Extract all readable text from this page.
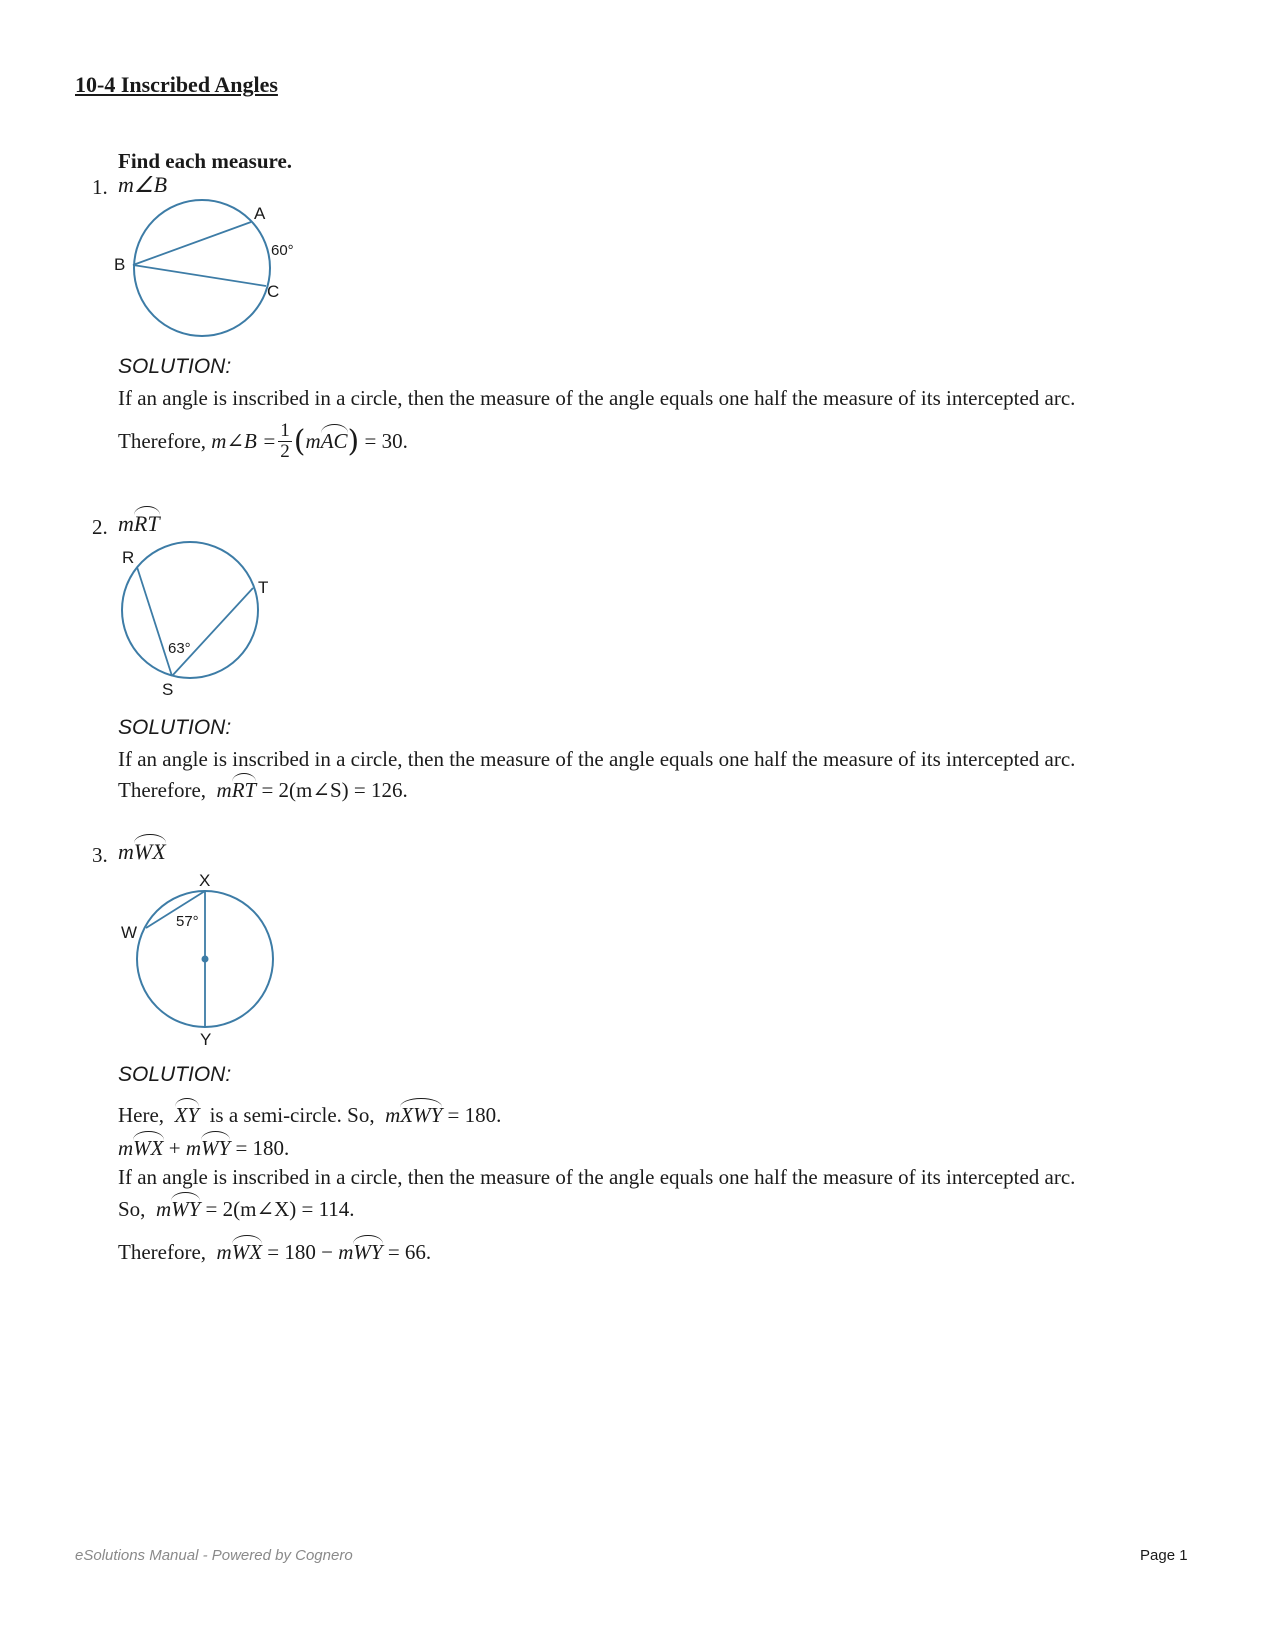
10-4 Inscribed Angles
Find each measure.
1. m∠B
A
B
C
60°
SOLUTION:
If an angle is inscribed in a circle, then the measure of the angle equals one half the measure of its intercepted arc.
Therefore,
m∠B = $\frac{1}{2}$ ( m AC )
= 30.
2. mRT
R
T
S
63°
SOLUTION:
If an angle is inscribed in a circle, then the measure of the angle equals one half the measure of its intercepted arc.
Therefore, mRT = 2(m∠S) = 126.
3. mWX
X
W
Y
57°
SOLUTION:
Here, XY is a semi-circle. So, mXWY = 180.
mWX + mWY = 180.
If an angle is inscribed in a circle, then the measure of the angle equals one half the measure of its intercepted arc.
So, mWY = 2(m∠X) = 114.
Therefore, mWX = 180 − mWY = 66.
eSolutions Manual - Powered by Cognero	Page 1
